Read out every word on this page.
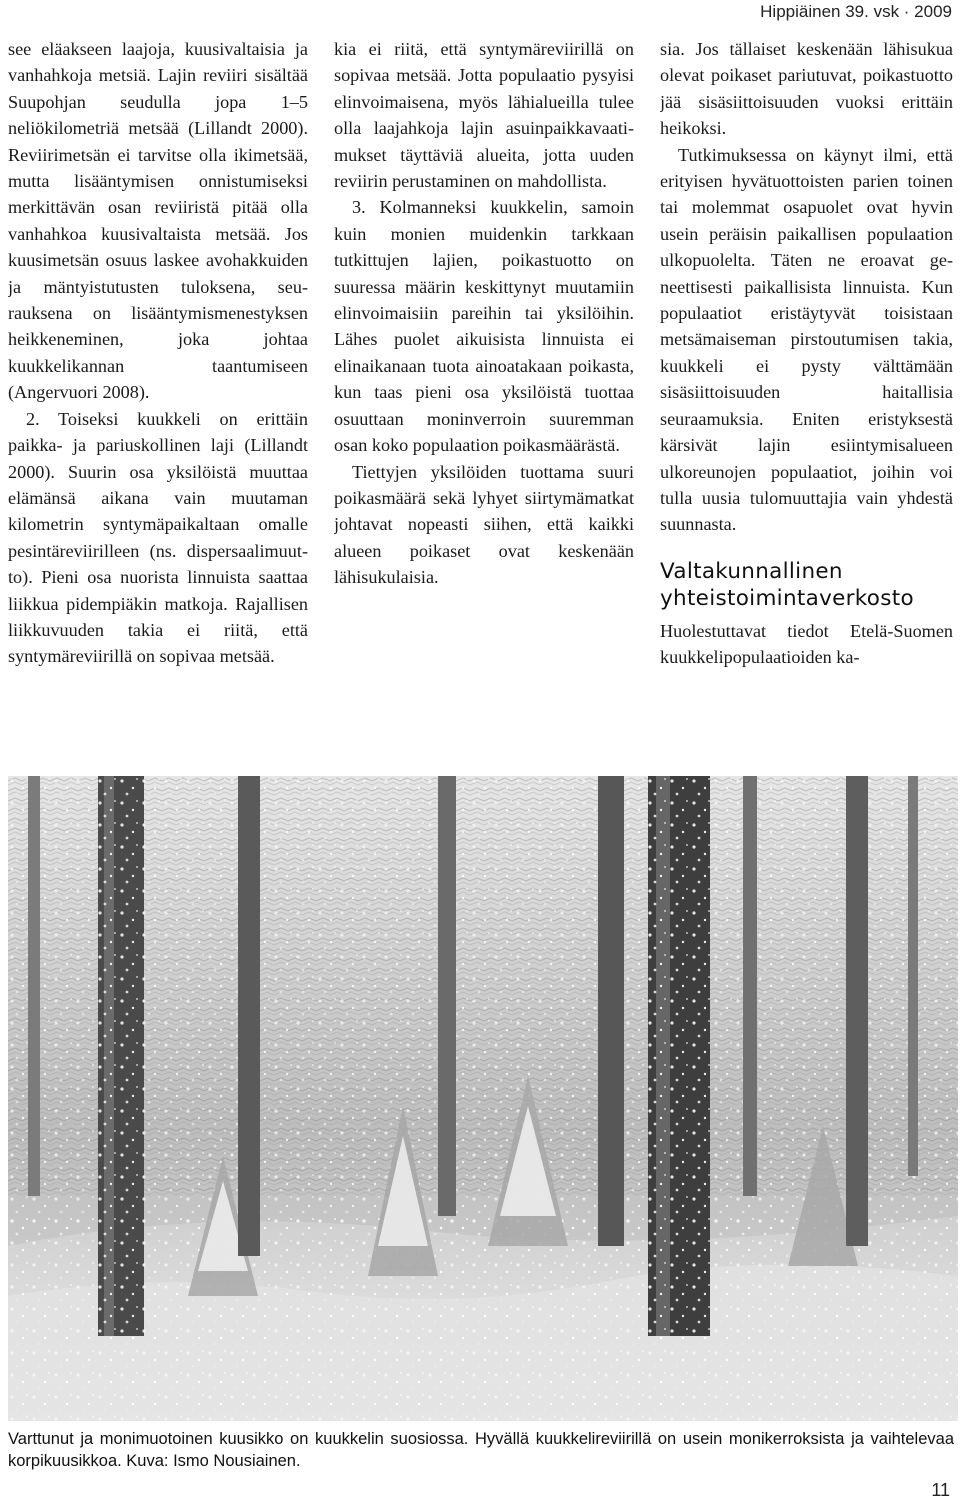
Hippiäinen 39. vsk · 2009

see eläakseen laajoja, kuusivaltaisia ja vanhahkoja metsiä. Lajin reviiri sisältää Suupohjan seudulla jopa 1–5 neliökilometriä metsää (Lillandt 2000). Reviirimetsän ei tarvitse olla ikimetsää, mutta lisääntymisen onnistumiseksi merkittävän osan reviiristä pitää olla vanhahkoa kuusivaltaista metsää. Jos kuusimetsän osuus laskee avohakkuiden ja mäntyistutusten tuloksena, seurauksena on lisääntymismenestyksen heikkeneminen, joka johtaa kuukkelikannan taantumiseen (Angervuori 2008).

2. Toiseksi kuukkeli on erittäin paikka- ja pariuskollinen laji (Lillandt 2000). Suurin osa yksilöistä muuttaa elämänsä aikana vain muutaman kilometrin syntymäpaikaltaan omalle pesintäreviirilleen (ns. dispersaalimuutto). Pieni osa nuorista linnuista saattaa liikkua pidempiäkin matkoja. Rajallisen liikkuvuuden takia ei riitä, että syntymäreviirillä on sopivaa metsää.

kia ei riitä, että syntymäreviirillä on sopivaa metsää. Jotta populaatio pysyisi elinvoimaisena, myös lähialueilla tulee olla laajahkoja lajin asuinpaikkavaatimukset täyttäviä alueita, jotta uuden reviirin perustaminen on mahdollista.

3. Kolmanneksi kuukkelin, samoin kuin monien muidenkin tarkkaan tutkittujen lajien, poikastuotto on suuressa määrin keskittynyt muutamiin elinvoimaisiin pareihin tai yksilöihin. Lähes puolet aikuisista linnuista ei elinaikanaan tuota ainoatakaan poikasta, kun taas pieni osa yksilöistä tuottaa osuuttaan moninverroin suuremman osan koko populaation poikasmäärästä.

Tiettyjen yksilöiden tuottama suuri poikasmäärä sekä lyhyet siirtymämatkat johtavat nopeasti siihen, että kaikki alueen poikaset ovat keskenään lähisukulaisia.

sia. Jos tällaiset keskenään lähisukua olevat poikaset pariutuvat, poikastuotto jää sisäsiittoisuuden vuoksi erittäin heikoksi.

Tutkimuksessa on käynyt ilmi, että erityisen hyvätuottoisten parien toinen tai molemmat osapuolet ovat hyvin usein peräisin paikallisen populaation ulkopuolelta. Täten ne eroavat geneettisesti paikallisista linnuista. Kun populaatiot eristäytyvät toisistaan metsämaiseman pirstoutumisen takia, kuukkeli ei pysty välttämään sisäsiittoisuuden haitallisia seuraamuksia. Eniten eristyksestä kärsivät lajin esiintymisalueen ulkoreunojen populaatiot, joihin voi tulla uusia tulomuuttajia vain yhdestä suunnasta.

Valtakunnallinen yhteistoimintaverkosto

Huolestuttavat tiedot Etelä-Suomen kuukkelipopulaatioiden ka-

Varttunut ja monimuotoinen kuusikko on kuukkelin suosiossa. Hyvällä kuukkelireviirillä on usein monikerroksista ja vaihtelevaa korpikuusikkoa. Kuva: Ismo Nousiainen.
11
